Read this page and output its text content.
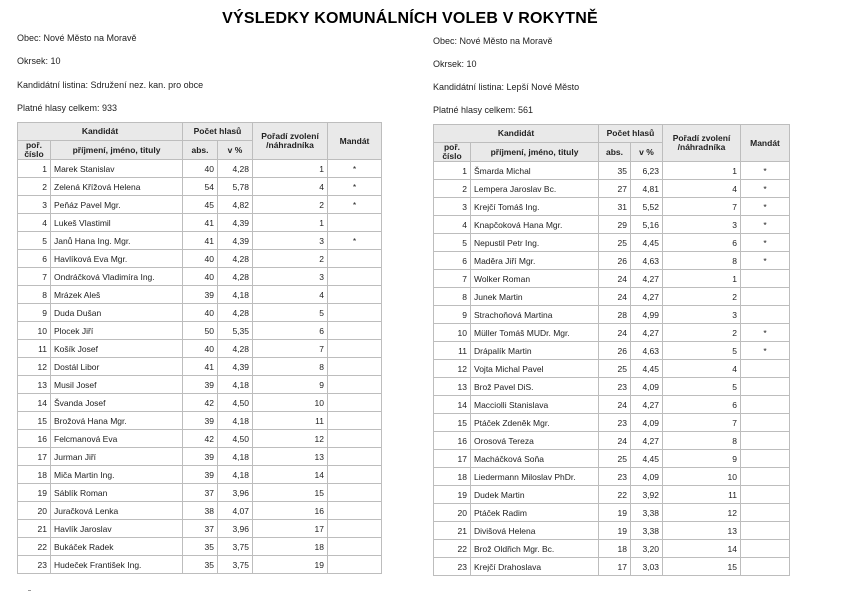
VÝSLEDKY KOMUNÁLNÍCH VOLEB V ROKYTNĚ
Obec: Nové Město na Moravě
Okrsek: 10
Kandidátní listina: Sdružení nez. kan. pro obce
Platné hlasy celkem: 933
Obec: Nové Město na Moravě
Okrsek: 10
Kandidátní listina: Lepší Nové Město
Platné hlasy celkem: 561
Kandidát		Počet hlasů		Pořadí zvolení /náhradníka	Mandát
poř. číslo	příjmení, jméno, tituly	abs.	v %		
1	Marek Stanislav	40	4,28	1	*
2	Zelená Křížová Helena	54	5,78	4	*
3	Peňáz Pavel Mgr.	45	4,82	2	*
4	Lukeš Vlastimil	41	4,39	1	
5	Janů Hana Ing. Mgr.	41	4,39	3	*
6	Havlíková Eva Mgr.	40	4,28	2	
7	Ondráčková Vladimíra Ing.	40	4,28	3	
8	Mrázek Aleš	39	4,18	4	
9	Duda Dušan	40	4,28	5	
10	Plocek Jiří	50	5,35	6	
11	Košík Josef	40	4,28	7	
12	Dostál Libor	41	4,39	8	
13	Musil Josef	39	4,18	9	
14	Švanda Josef	42	4,50	10	
15	Brožová Hana Mgr.	39	4,18	11	
16	Felcmanová Eva	42	4,50	12	
17	Jurman Jiří	39	4,18	13	
18	Miča Martin Ing.	39	4,18	14	
19	Sáblík Roman	37	3,96	15	
20	Juračková Lenka	38	4,07	16	
21	Havlík Jaroslav	37	3,96	17	
22	Bukáček Radek	35	3,75	18	
23	Hudeček František Ing.	35	3,75	19	
Kandidát		Počet hlasů		Pořadí zvolení /náhradníka	Mandát
poř. číslo	příjmení, jméno, tituly	abs.	v %		
1	Šmarda Michal	35	6,23	1	*
2	Lempera Jaroslav Bc.	27	4,81	4	*
3	Krejčí Tomáš Ing.	31	5,52	7	*
4	Knapčoková Hana Mgr.	29	5,16	3	*
5	Nepustil Petr Ing.	25	4,45	6	*
6	Maděra Jiří Mgr.	26	4,63	8	*
7	Wolker Roman	24	4,27	1	
8	Junek Martin	24	4,27	2	
9	Strachoňová Martina	28	4,99	3	
10	Müller Tomáš MUDr. Mgr.	24	4,27	2	*
11	Drápalík Martin	26	4,63	5	*
12	Vojta Michal Pavel	25	4,45	4	
13	Brož Pavel DiS.	23	4,09	5	
14	Macciolli Stanislava	24	4,27	6	
15	Ptáček Zdeněk Mgr.	23	4,09	7	
16	Orosová Tereza	24	4,27	8	
17	Macháčková Soňa	25	4,45	9	
18	Liedermann Miloslav PhDr.	23	4,09	10	
19	Dudek Martin	22	3,92	11	
20	Ptáček Radim	19	3,38	12	
21	Divišová Helena	19	3,38	13	
22	Brož Oldřich Mgr. Bc.	18	3,20	14	
23	Krejčí Drahoslava	17	3,03	15	
